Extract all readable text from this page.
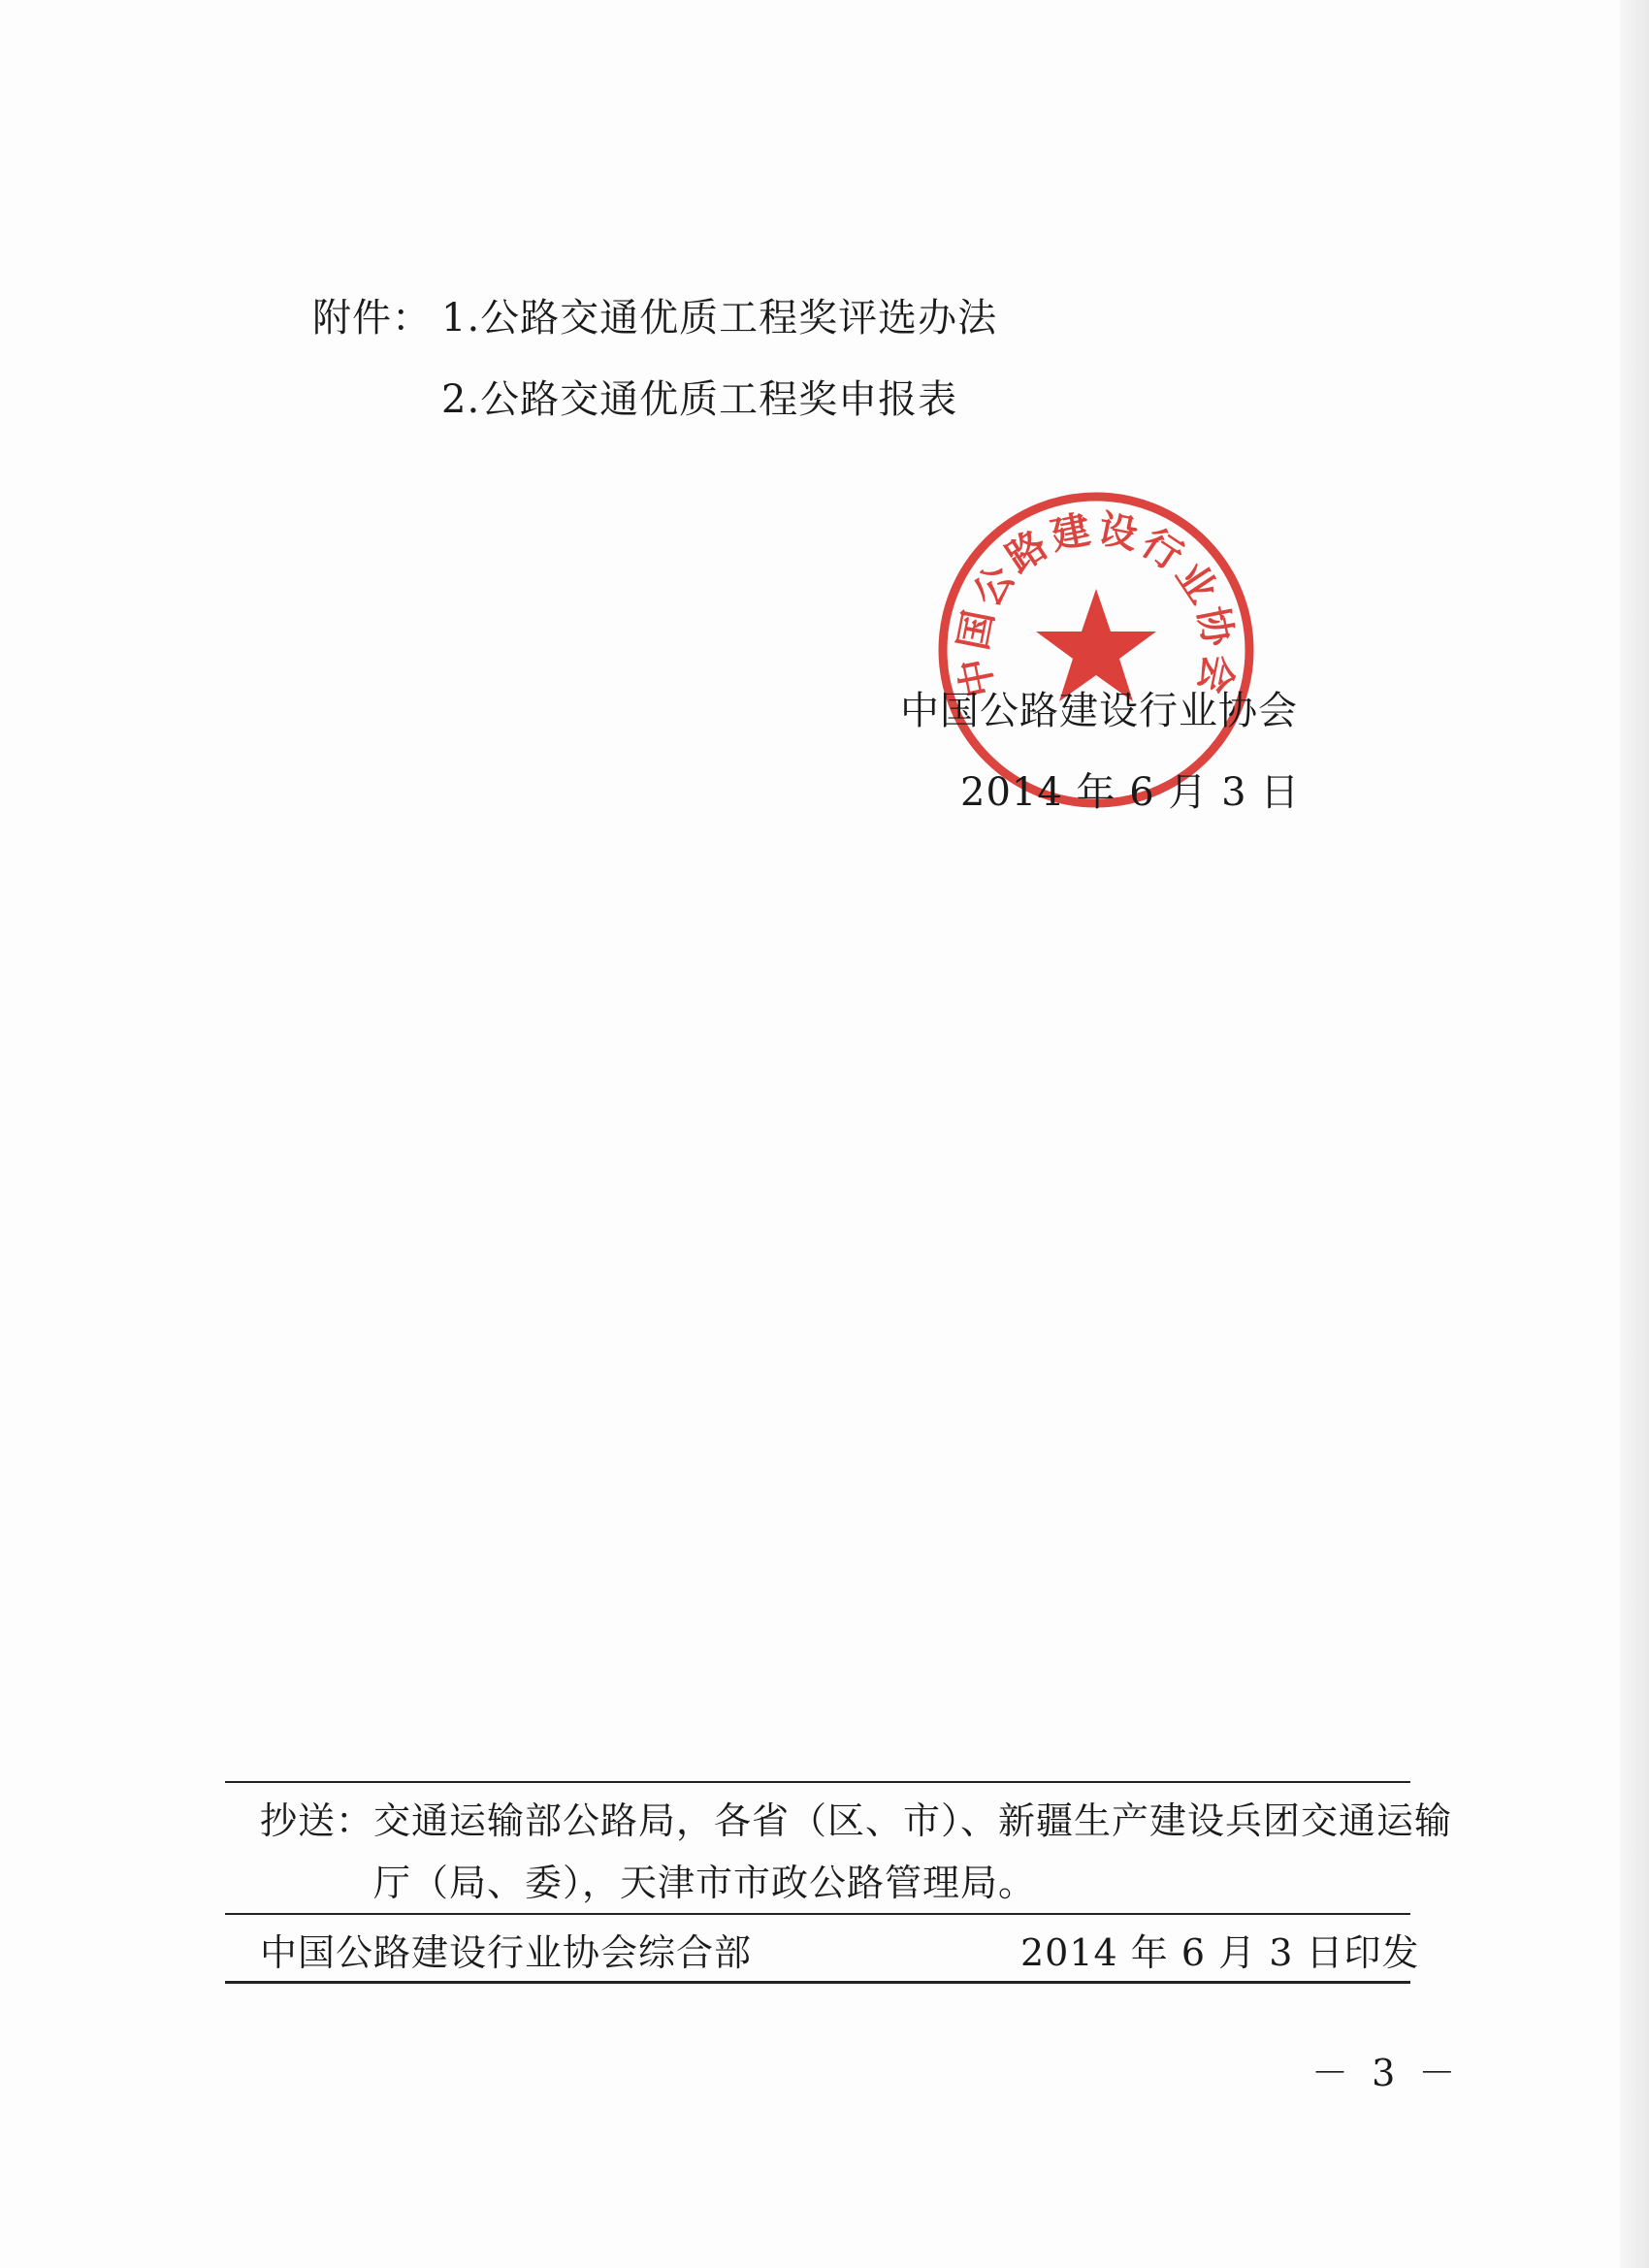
附件： 1.公路交通优质工程奖评选办法
2.公路交通优质工程奖申报表
中国公路建设行业协会
中国公路建设行业协会
2014 年 6 月 3 日
抄送： 交通运输部公路局，各省（区、市）、新疆生产建设兵团交通运输
厅（局、委），天津市市政公路管理局。
中国公路建设行业协会综合部	2014 年 6 月 3 日印发
－ 3 －
